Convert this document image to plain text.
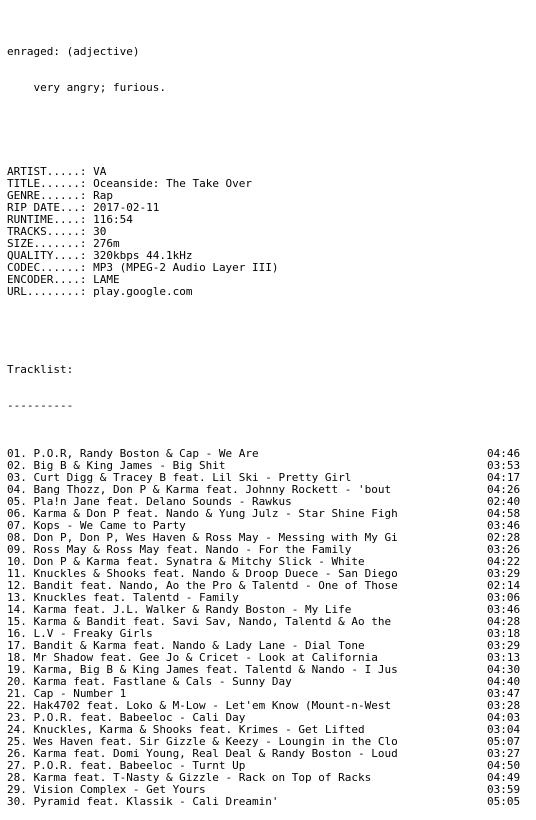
enraged: (adjective)

very angry; furious.

ARTIST.....: VA
TITLE......: Oceanside: The Take Over
GENRE......: Rap
RIP DATE...: 2017-02-11
RUNTIME....: 116:54
TRACKS.....: 30
SIZE.......: 276m
QUALITY....: 320kbps 44.1kHz
CODEC......: MP3 (MPEG-2 Audio Layer III)
ENCODER....: LAME
URL........: play.google.com

Tracklist:

----------

01. P.O.R, Randy Boston & Cap - We Are	04:46
02. Big B & King James - Big Shit	03:53
03. Curt Digg & Tracey B feat. Lil Ski - Pretty Girl	04:17
04. Bang Thozz, Don P & Karma feat. Johnny Rockett - 'bout	04:26
05. Pla!n Jane feat. Delano Sounds - Rawkus	02:40
06. Karma & Don P feat. Nando & Yung Julz - Star Shine Figh	04:58
07. Kops - We Came to Party	03:46
08. Don P, Don P, Wes Haven & Ross May - Messing with My Gi	02:28
09. Ross May & Ross May feat. Nando - For the Family	03:26
10. Don P & Karma feat. Synatra & Mitchy Slick - White	04:22
11. Knuckles & Shooks feat. Nando & Droop Duece - San Diego	03:29
12. Bandit feat. Nando, Ao the Pro & Talentd - One of Those	02:14
13. Knuckles feat. Talentd - Family	03:06
14. Karma feat. J.L. Walker & Randy Boston - My Life	03:46
15. Karma & Bandit feat. Savi Sav, Nando, Talentd & Ao the	04:28
16. L.V - Freaky Girls	03:18
17. Bandit & Karma feat. Nando & Lady Lane - Dial Tone	03:29
18. Mr Shadow feat. Gee Jo & Cricet - Look at California	03:13
19. Karma, Big B & King James feat. Talentd & Nando - I Jus	04:30
20. Karma feat. Fastlane & Cals - Sunny Day	04:40
21. Cap - Number 1	03:47
22. Hak4702 feat. Loko & M-Low - Let'em Know (Mount-n-West	03:28
23. P.O.R. feat. Babeeloc - Cali Day	04:03
24. Knuckles, Karma & Shooks feat. Krimes - Get Lifted	03:04
25. Wes Haven feat. Sir Gizzle & Keezy - Loungin in the Clo	05:07
26. Karma feat. Domi Young, Real Deal & Randy Boston - Loud	03:27
27. P.O.R. feat. Babeeloc - Turnt Up	04:50
28. Karma feat. T-Nasty & Gizzle - Rack on Top of Racks	04:49
29. Vision Complex - Get Yours	03:59
30. Pyramid feat. Klassik - Cali Dreamin'	05:05
